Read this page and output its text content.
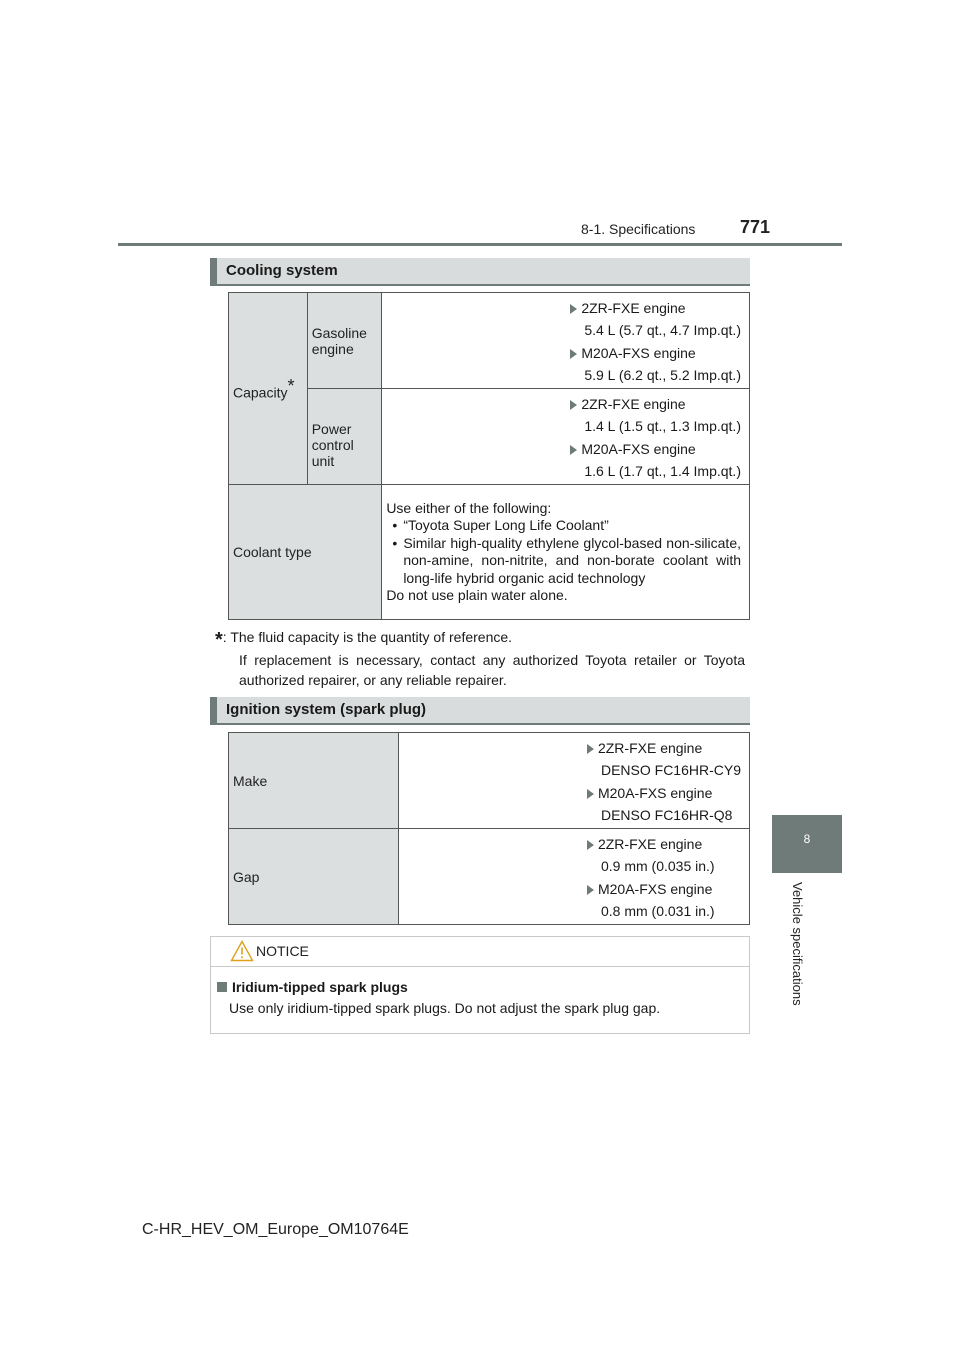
8-1. Specifications 771
8
Vehicle specifications
Cooling system
Capacity*	Gasoline engine	2ZR-FXE engine
5.4 L (5.7 qt., 4.7 Imp.qt.)
M20A-FXS engine
5.9 L (6.2 qt., 5.2 Imp.qt.)

	Power control unit	2ZR-FXE engine
1.4 L (1.5 qt., 1.3 Imp.qt.)
M20A-FXS engine
1.6 L (1.7 qt., 1.4 Imp.qt.)

Coolant type		Use either of the following:
• “Toyota Super Long Life Coolant”
• Similar high-quality ethylene glycol-based non-silicate, non-amine, non-nitrite, and non-borate coolant with long-life hybrid organic acid technology
Do not use plain water alone.
*: The fluid capacity is the quantity of reference.
If replacement is necessary, contact any authorized Toyota retailer or Toyota authorized repairer, or any reliable repairer.
Ignition system (spark plug)
Make	2ZR-FXE engine
DENSO FC16HR-CY9
M20A-FXS engine
DENSO FC16HR-Q8

Gap	2ZR-FXE engine
0.9 mm (0.035 in.)
M20A-FXS engine
0.8 mm (0.031 in.)
NOTICE
Iridium-tipped spark plugs
Use only iridium-tipped spark plugs. Do not adjust the spark plug gap.
C-HR_HEV_OM_Europe_OM10764E
